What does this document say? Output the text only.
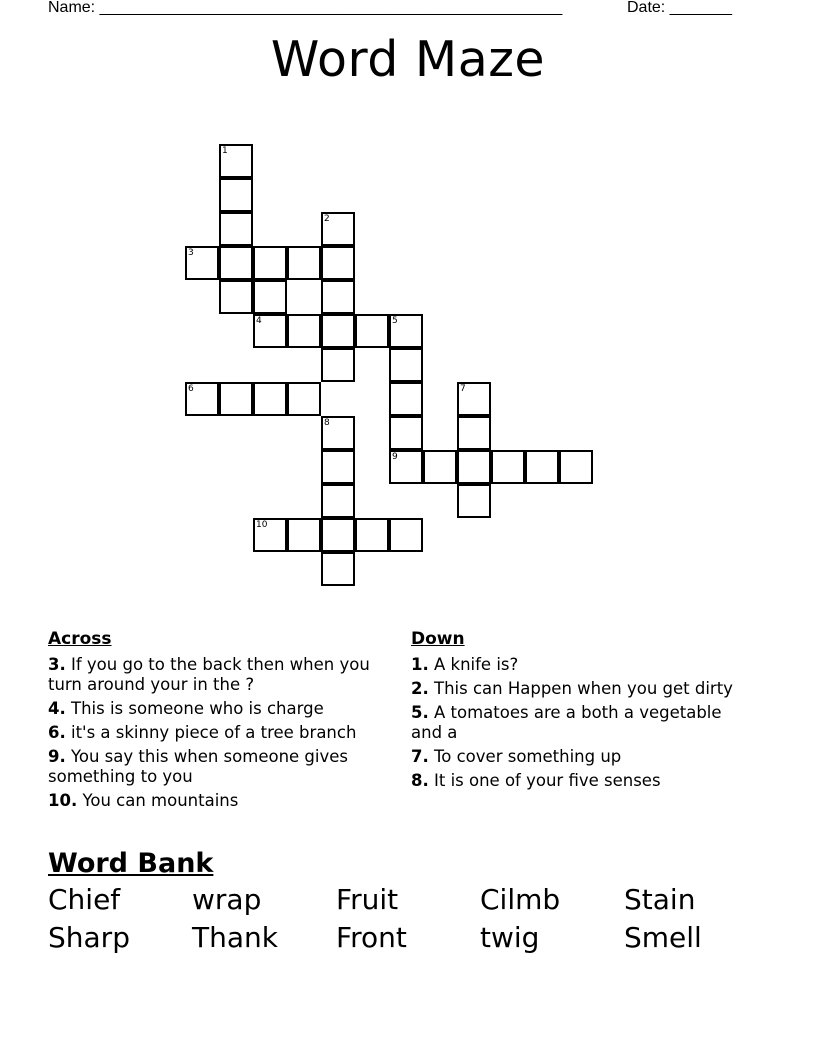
Name: ____________________________________________________	Date: _______
Word Maze
1
2
3
4	5
6
9
8
7
10
Across
3. If you go to the back then when you turn around your in the ?
4. This is someone who is charge
6. it's a skinny piece of a tree branch
9. You say this when someone gives something to you
10. You can mountains
Down
1. A knife is?
2. This can Happen when you get dirty
5. A tomatoes are a both a vegetable and a
7. To cover something up
8. It is one of your five senses
Word Bank
Chief	wrap	Fruit	Cilmb Stain
Sharp Thank Front	twig	Smell
